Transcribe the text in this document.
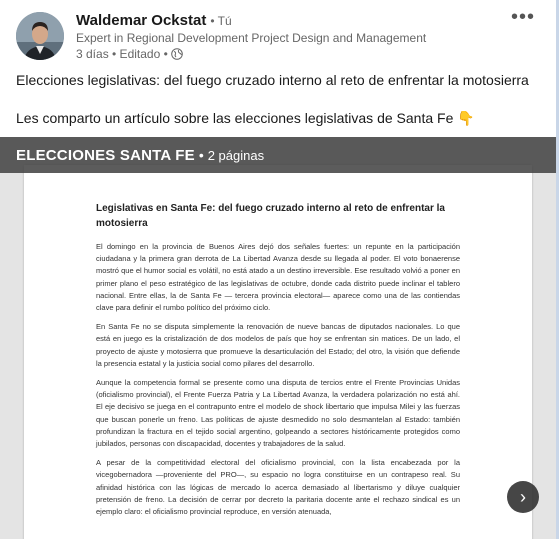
Waldemar Ockstat • Tú
Expert in Regional Development Project Design and Management
3 días • Editado •
•••

Elecciones legislativas: del fuego cruzado interno al reto de enfrentar la motosierra

Les comparto un artículo sobre las elecciones legislativas de Santa Fe 👇

ELECCIONES SANTA FE • 2 páginas
Legislativas en Santa Fe: del fuego cruzado interno al reto de enfrentar la motosierra

El domingo en la provincia de Buenos Aires dejó dos señales fuertes: un repunte en la participación ciudadana y la primera gran derrota de La Libertad Avanza desde su llegada al poder. El voto bonaerense mostró que el humor social es volátil, no está atado a un destino irreversible. Ese resultado volvió a poner en primer plano el peso estratégico de las legislativas de octubre, donde cada distrito puede inclinar el tablero nacional. Entre ellas, la de Santa Fe — tercera provincia electoral— aparece como una de las contiendas clave para definir el rumbo político del próximo ciclo.

En Santa Fe no se disputa simplemente la renovación de nueve bancas de diputados nacionales. Lo que está en juego es la cristalización de dos modelos de país que hoy se enfrentan sin matices. De un lado, el proyecto de ajuste y motosierra que promueve la desarticulación del Estado; del otro, la visión que defiende la presencia estatal y la justicia social como pilares del desarrollo.

Aunque la competencia formal se presente como una disputa de tercios entre el Frente Provincias Unidas (oficialismo provincial), el Frente Fuerza Patria y La Libertad Avanza, la verdadera polarización no está ahí. El eje decisivo se juega en el contrapunto entre el modelo de shock libertario que impulsa Milei y las fuerzas que buscan ponerle un freno. Las políticas de ajuste desmedido no solo desmantelan al Estado: también profundizan la fractura en el tejido social argentino, golpeando a sectores históricamente protegidos como jubilados, personas con discapacidad, docentes y trabajadores de la salud.

A pesar de la competitividad electoral del oficialismo provincial, con la lista encabezada por la vicegobernadora —proveniente del PRO—, su espacio no logra constituirse en un contrapeso real. Su afinidad histórica con las lógicas de mercado lo acerca demasiado al libertarismo y diluye cualquier pretensión de freno. La decisión de cerrar por decreto la paritaria docente ante el rechazo sindical es un ejemplo claro: el oficialismo provincial reproduce, en versión atenuada,

›
